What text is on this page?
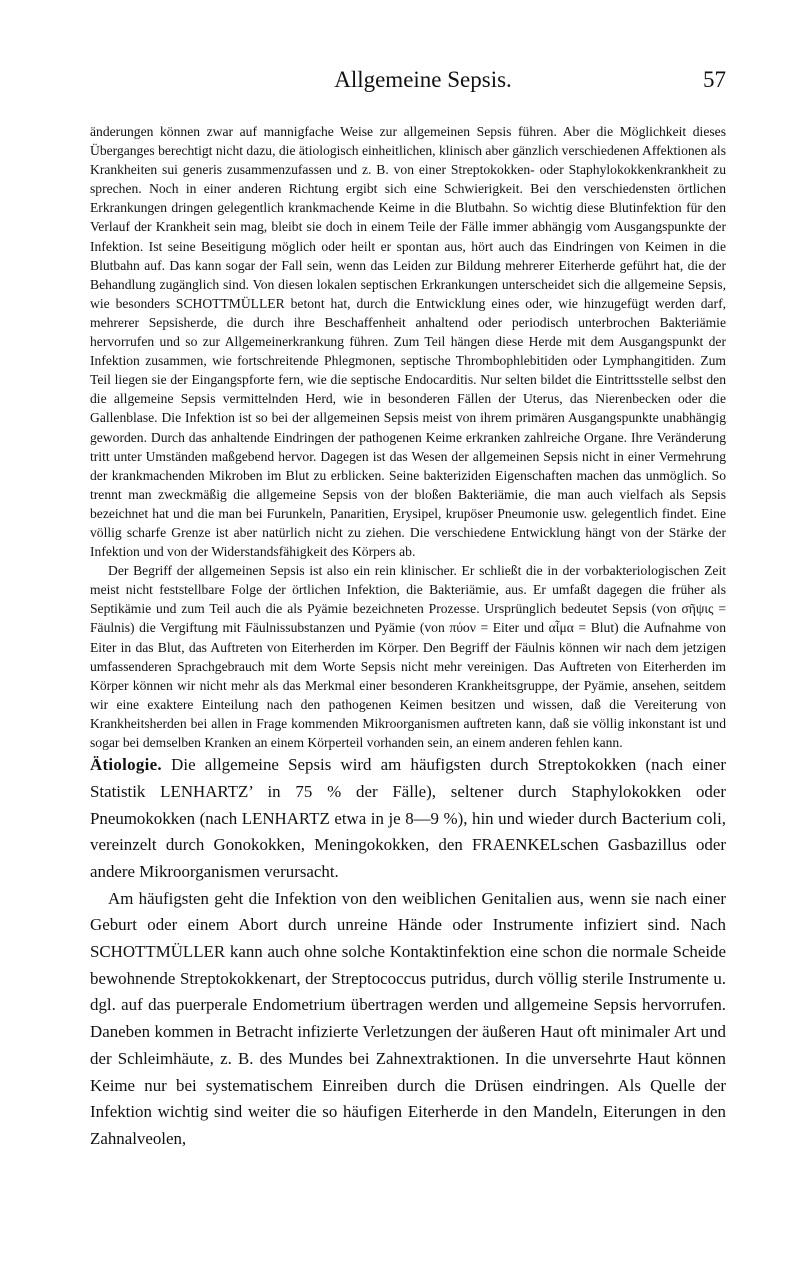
Allgemeine Sepsis.	57

änderungen können zwar auf mannigfache Weise zur allgemeinen Sepsis führen. Aber die Möglichkeit dieses Überganges berechtigt nicht dazu, die ätiologisch einheitlichen, klinisch aber gänzlich verschiedenen Affektionen als Krankheiten sui generis zusammenzufassen und z. B. von einer Streptokokken- oder Staphylokokkenkrankheit zu sprechen. Noch in einer anderen Richtung ergibt sich eine Schwierigkeit. Bei den verschiedensten örtlichen Erkrankungen dringen gelegentlich krankmachende Keime in die Blutbahn. So wichtig diese Blutinfektion für den Verlauf der Krankheit sein mag, bleibt sie doch in einem Teile der Fälle immer abhängig vom Ausgangspunkte der Infektion. Ist seine Beseitigung möglich oder heilt er spontan aus, hört auch das Eindringen von Keimen in die Blutbahn auf. Das kann sogar der Fall sein, wenn das Leiden zur Bildung mehrerer Eiterherde geführt hat, die der Behandlung zugänglich sind. Von diesen lokalen septischen Erkrankungen unterscheidet sich die allgemeine Sepsis, wie besonders SCHOTTMÜLLER betont hat, durch die Entwicklung eines oder, wie hinzugefügt werden darf, mehrerer Sepsisherde, die durch ihre Beschaffenheit anhaltend oder periodisch unterbrochen Bakteriämie hervorrufen und so zur Allgemeinerkrankung führen. Zum Teil hängen diese Herde mit dem Ausgangspunkt der Infektion zusammen, wie fortschreitende Phlegmonen, septische Thrombophlebitiden oder Lymphangitiden. Zum Teil liegen sie der Eingangspforte fern, wie die septische Endocarditis. Nur selten bildet die Eintrittsstelle selbst den die allgemeine Sepsis vermittelnden Herd, wie in besonderen Fällen der Uterus, das Nierenbecken oder die Gallenblase. Die Infektion ist so bei der allgemeinen Sepsis meist von ihrem primären Ausgangspunkte unabhängig geworden. Durch das anhaltende Eindringen der pathogenen Keime erkranken zahlreiche Organe. Ihre Veränderung tritt unter Umständen maßgebend hervor. Dagegen ist das Wesen der allgemeinen Sepsis nicht in einer Vermehrung der krankmachenden Mikroben im Blut zu erblicken. Seine bakteriziden Eigenschaften machen das unmöglich. So trennt man zweckmäßig die allgemeine Sepsis von der bloßen Bakteriämie, die man auch vielfach als Sepsis bezeichnet hat und die man bei Furunkeln, Panaritien, Erysipel, krupöser Pneumonie usw. gelegentlich findet. Eine völlig scharfe Grenze ist aber natürlich nicht zu ziehen. Die verschiedene Entwicklung hängt von der Stärke der Infektion und von der Widerstandsfähigkeit des Körpers ab.

Der Begriff der allgemeinen Sepsis ist also ein rein klinischer. Er schließt die in der vorbakteriologischen Zeit meist nicht feststellbare Folge der örtlichen Infektion, die Bakteriämie, aus. Er umfaßt dagegen die früher als Septikämie und zum Teil auch die als Pyämie bezeichneten Prozesse. Ursprünglich bedeutet Sepsis (von σῆψις = Fäulnis) die Vergiftung mit Fäulnissubstanzen und Pyämie (von πύον = Eiter und αἷμα = Blut) die Aufnahme von Eiter in das Blut, das Auftreten von Eiterherden im Körper. Den Begriff der Fäulnis können wir nach dem jetzigen umfassenderen Sprachgebrauch mit dem Worte Sepsis nicht mehr vereinigen. Das Auftreten von Eiterherden im Körper können wir nicht mehr als das Merkmal einer besonderen Krankheitsgruppe, der Pyämie, ansehen, seitdem wir eine exaktere Einteilung nach den pathogenen Keimen besitzen und wissen, daß die Vereiterung von Krankheitsherden bei allen in Frage kommenden Mikroorganismen auftreten kann, daß sie völlig inkonstant ist und sogar bei demselben Kranken an einem Körperteil vorhanden sein, an einem anderen fehlen kann.

Ätiologie. Die allgemeine Sepsis wird am häufigsten durch Streptokokken (nach einer Statistik LENHARTZ’ in 75 % der Fälle), seltener durch Staphylokokken oder Pneumokokken (nach LENHARTZ etwa in je 8—9 %), hin und wieder durch Bacterium coli, vereinzelt durch Gonokokken, Meningokokken, den FRAENKELschen Gasbazillus oder andere Mikroorganismen verursacht.

Am häufigsten geht die Infektion von den weiblichen Genitalien aus, wenn sie nach einer Geburt oder einem Abort durch unreine Hände oder Instrumente infiziert sind. Nach SCHOTTMÜLLER kann auch ohne solche Kontaktinfektion eine schon die normale Scheide bewohnende Streptokokkenart, der Streptococcus putridus, durch völlig sterile Instrumente u. dgl. auf das puerperale Endometrium übertragen werden und allgemeine Sepsis hervorrufen. Daneben kommen in Betracht infizierte Verletzungen der äußeren Haut oft minimaler Art und der Schleimhäute, z. B. des Mundes bei Zahnextraktionen. In die unversehrte Haut können Keime nur bei systematischem Einreiben durch die Drüsen eindringen. Als Quelle der Infektion wichtig sind weiter die so häufigen Eiterherde in den Mandeln, Eiterungen in den Zahnalveolen,
